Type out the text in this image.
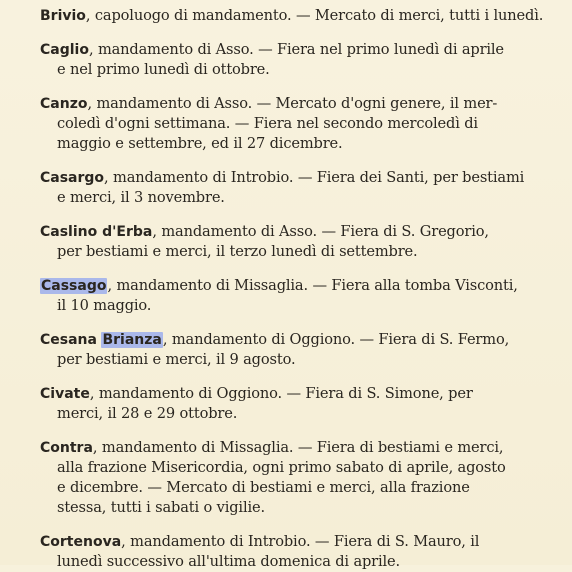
Brivio, capoluogo di mandamento. — Mercato di merci, tutti i lunedì.
Caglio, mandamento di Asso. — Fiera nel primo lunedì di aprile
e nel primo lunedì di ottobre.
Canzo, mandamento di Asso. — Mercato d'ogni genere, il mer-
coledì d'ogni settimana. — Fiera nel secondo mercoledì di
maggio e settembre, ed il 27 dicembre.
Casargo, mandamento di Introbio. — Fiera dei Santi, per bestiami
e merci, il 3 novembre.
Caslino d'Erba, mandamento di Asso. — Fiera di S. Gregorio,
per bestiami e merci, il terzo lunedì di settembre.
Cassago, mandamento di Missaglia. — Fiera alla tomba Visconti,
il 10 maggio.
Cesana Brianza, mandamento di Oggiono. — Fiera di S. Fermo,
per bestiami e merci, il 9 agosto.
Civate, mandamento di Oggiono. — Fiera di S. Simone, per
merci, il 28 e 29 ottobre.
Contra, mandamento di Missaglia. — Fiera di bestiami e merci,
alla frazione Misericordia, ogni primo sabato di aprile, agosto
e dicembre. — Mercato di bestiami e merci, alla frazione
stessa, tutti i sabati o vigilie.
Cortenova, mandamento di Introbio. — Fiera di S. Mauro, il
lunedì successivo all'ultima domenica di aprile.
